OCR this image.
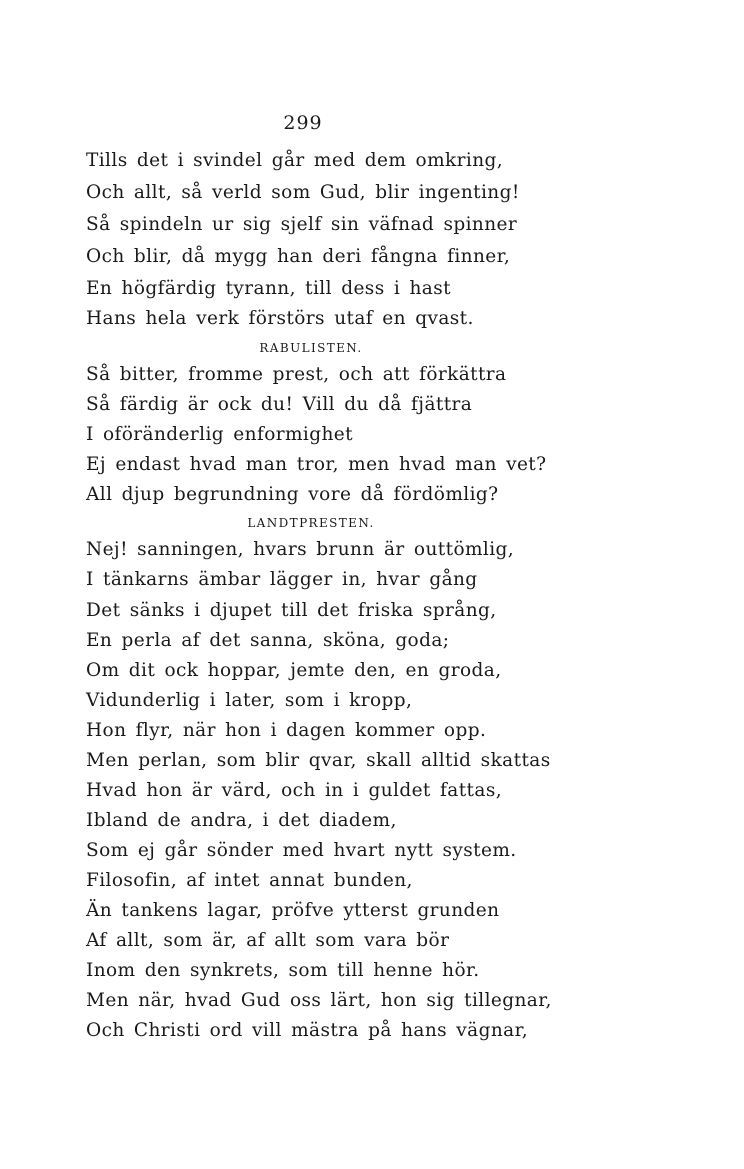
299
Tills det i svindel går med dem omkring,
Och allt, så verld som Gud, blir ingenting!
Så spindeln ur sig sjelf sin väfnad spinner
Och blir, då mygg han deri fångna finner,
En högfärdig tyrann, till dess i hast
Hans hela verk förstörs utaf en qvast.
RABULISTEN.
Så bitter, fromme prest, och att förkättra
Så färdig är ock du! Vill du då fjättra
I oföränderlig enformighet
Ej endast hvad man tror, men hvad man vet?
All djup begrundning vore då fördömlig?
LANDTPRESTEN.
Nej! sanningen, hvars brunn är outtömlig,
I tänkarns ämbar lägger in, hvar gång
Det sänks i djupet till det friska språng,
En perla af det sanna, sköna, goda;
Om dit ock hoppar, jemte den, en groda,
Vidunderlig i later, som i kropp,
Hon flyr, när hon i dagen kommer opp.
Men perlan, som blir qvar, skall alltid skattas
Hvad hon är värd, och in i guldet fattas,
Ibland de andra, i det diadem,
Som ej går sönder med hvart nytt system.
Filosofin, af intet annat bunden,
Än tankens lagar, pröfve ytterst grunden
Af allt, som är, af allt som vara bör
Inom den synkrets, som till henne hör.
Men när, hvad Gud oss lärt, hon sig tillegnar,
Och Christi ord vill mästra på hans vägnar,
